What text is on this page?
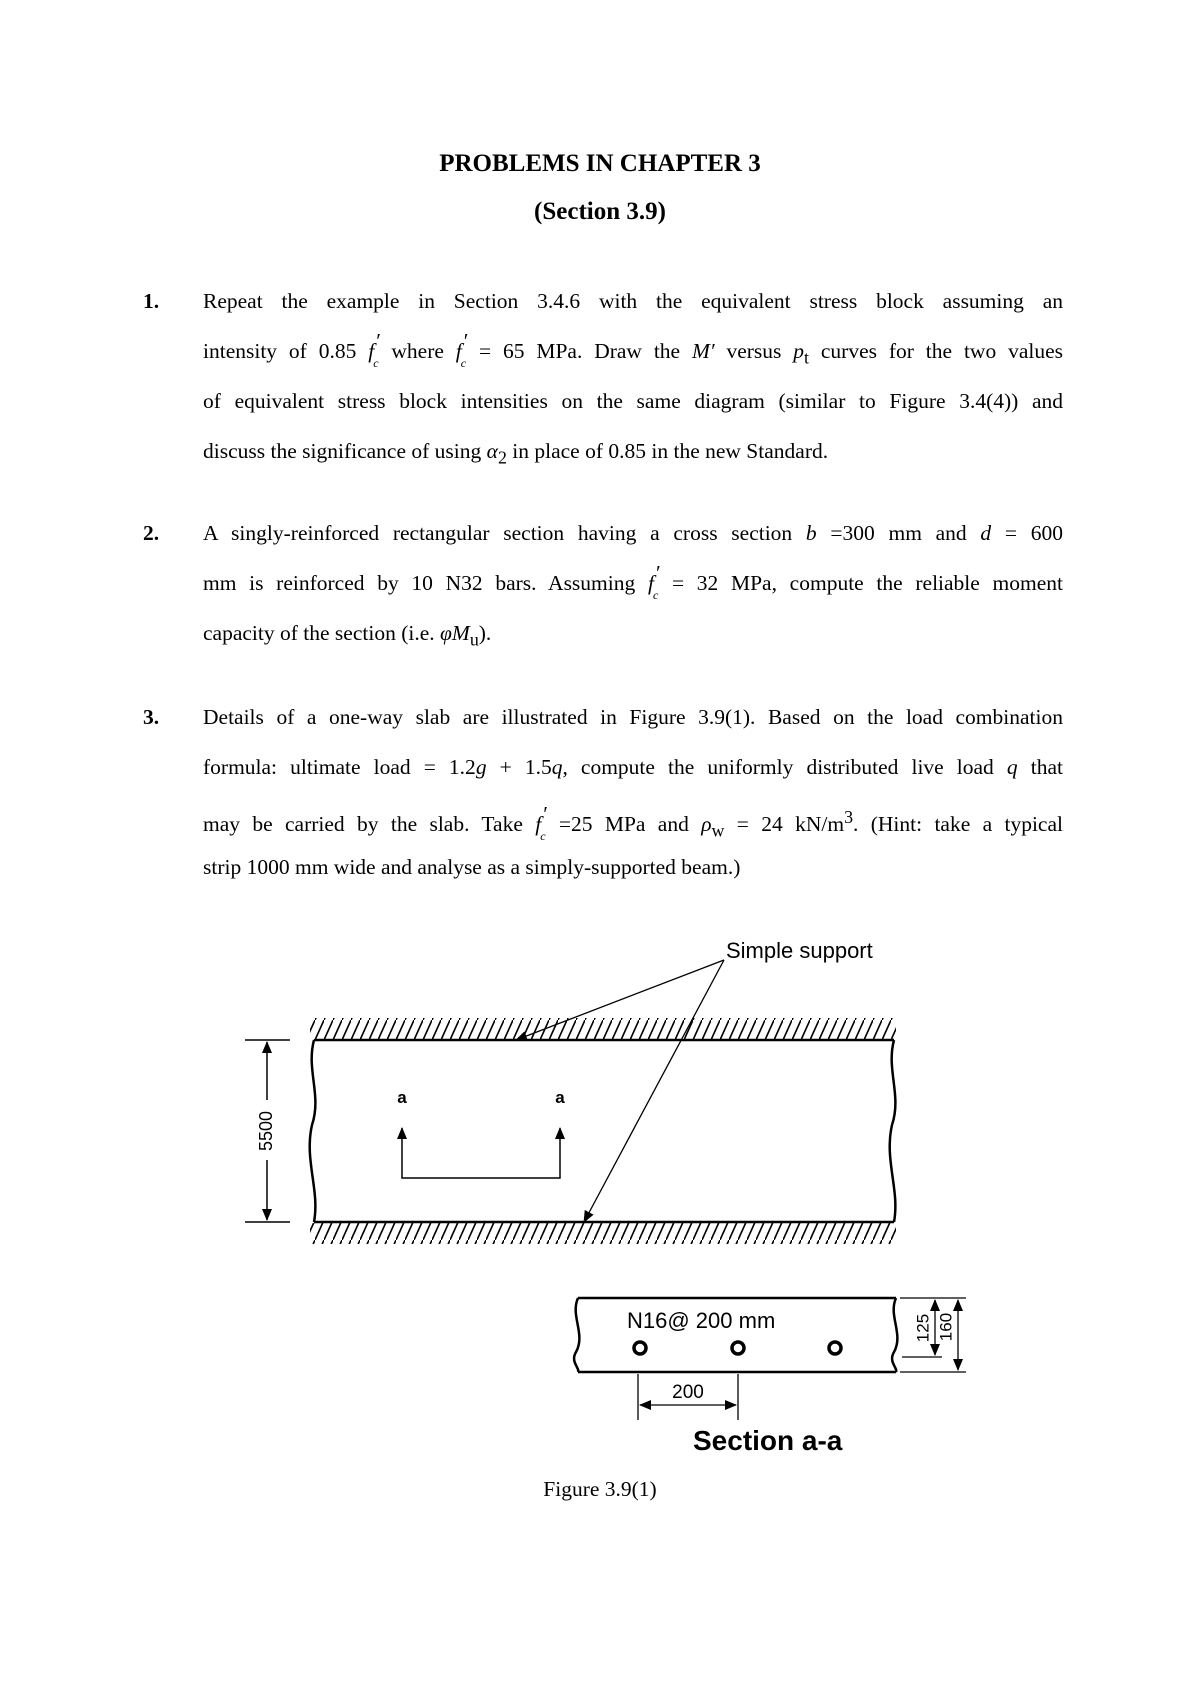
PROBLEMS IN CHAPTER 3
(Section 3.9)
1. Repeat the example in Section 3.4.6 with the equivalent stress block assuming an
intensity of 0.85 f ′
$_c$ where f ′
$_c$ = 65 MPa. Draw the M′ versus $p_t$ curves for the two values
of equivalent stress block intensities on the same diagram (similar to Figure 3.4(4)) and
discuss the significance of using $\alpha_2$ in place of 0.85 in the new Standard.
2. A singly-reinforced rectangular section having a cross section b =300 mm and d = 600
mm is reinforced by 10 N32 bars. Assuming f ′
$_c$ = 32 MPa, compute the reliable moment
capacity of the section (i.e. $\varphi M_u$).
3. Details of a one-way slab are illustrated in Figure 3.9(1). Based on the load combination
formula: ultimate load = 1.2g + 1.5q, compute the uniformly distributed live load q that
may be carried by the slab. Take f ′
$_c$ =25 MPa and $\rho_w = 24$ $kN/m^3$. (Hint: take a typical
strip 1000 mm wide and analyse as a simply-supported beam.)
5500
a	a
Simple support
N16@ 200 mm
200
125 160
Section a-a
Figure 3.9(1)
